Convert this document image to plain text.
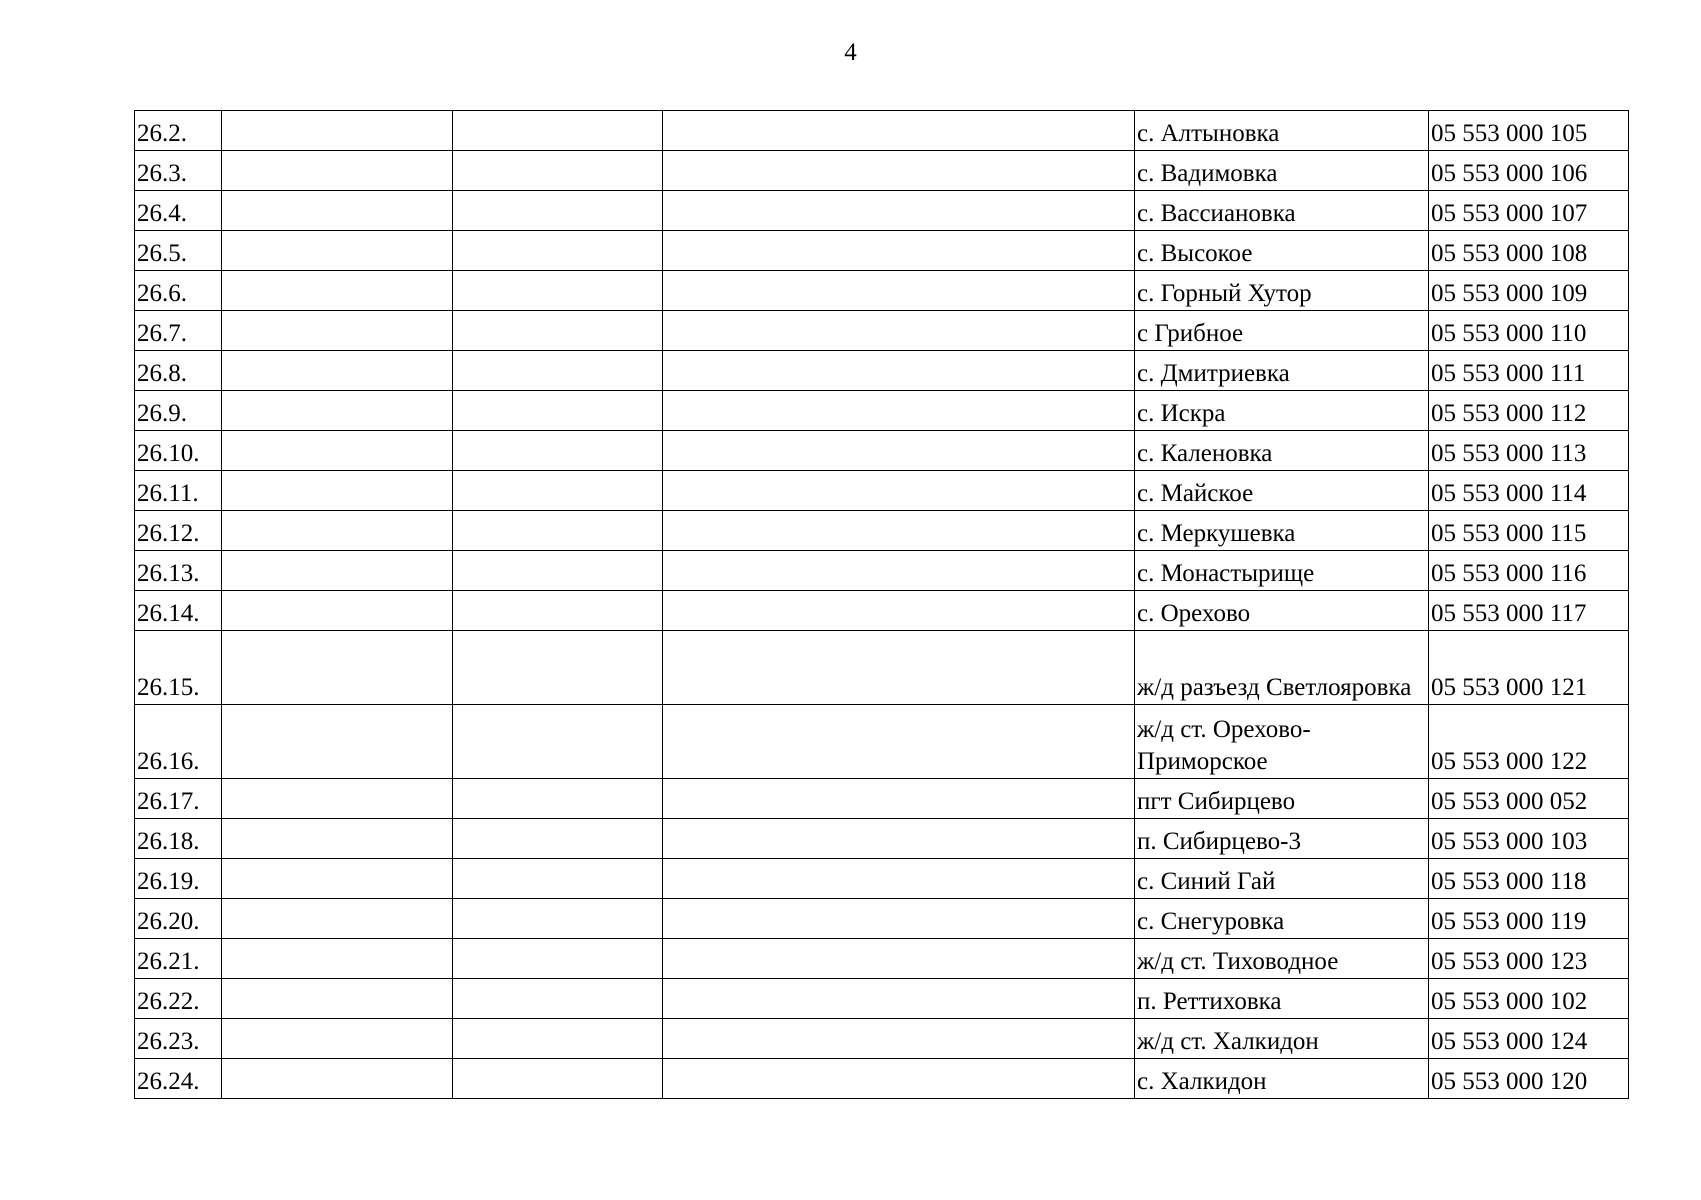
4
26.2.				с. Алтыновка	05 553 000 105
26.3.				с. Вадимовка	05 553 000 106
26.4.				с. Вассиановка	05 553 000 107
26.5.				с. Высокое	05 553 000 108
26.6.				с. Горный Хутор	05 553 000 109
26.7.				с Грибное	05 553 000 110
26.8.				с. Дмитриевка	05 553 000 111
26.9.				с. Искра	05 553 000 112
26.10.				с. Каленовка	05 553 000 113
26.11.				с. Майское	05 553 000 114
26.12.				с. Меркушевка	05 553 000 115
26.13.				с. Монастырище	05 553 000 116
26.14.				с. Орехово	05 553 000 117
26.15.				ж/д разъезд Светлояровка	05 553 000 121
26.16.				ж/д ст. Орехово-Приморское	05 553 000 122
26.17.				пгт Сибирцево	05 553 000 052
26.18.				п. Сибирцево-3	05 553 000 103
26.19.				с. Синий Гай	05 553 000 118
26.20.				с. Снегуровка	05 553 000 119
26.21.				ж/д ст. Тиховодное	05 553 000 123
26.22.				п. Реттиховка	05 553 000 102
26.23.				ж/д ст. Халкидон	05 553 000 124
26.24.				с. Халкидон	05 553 000 120
